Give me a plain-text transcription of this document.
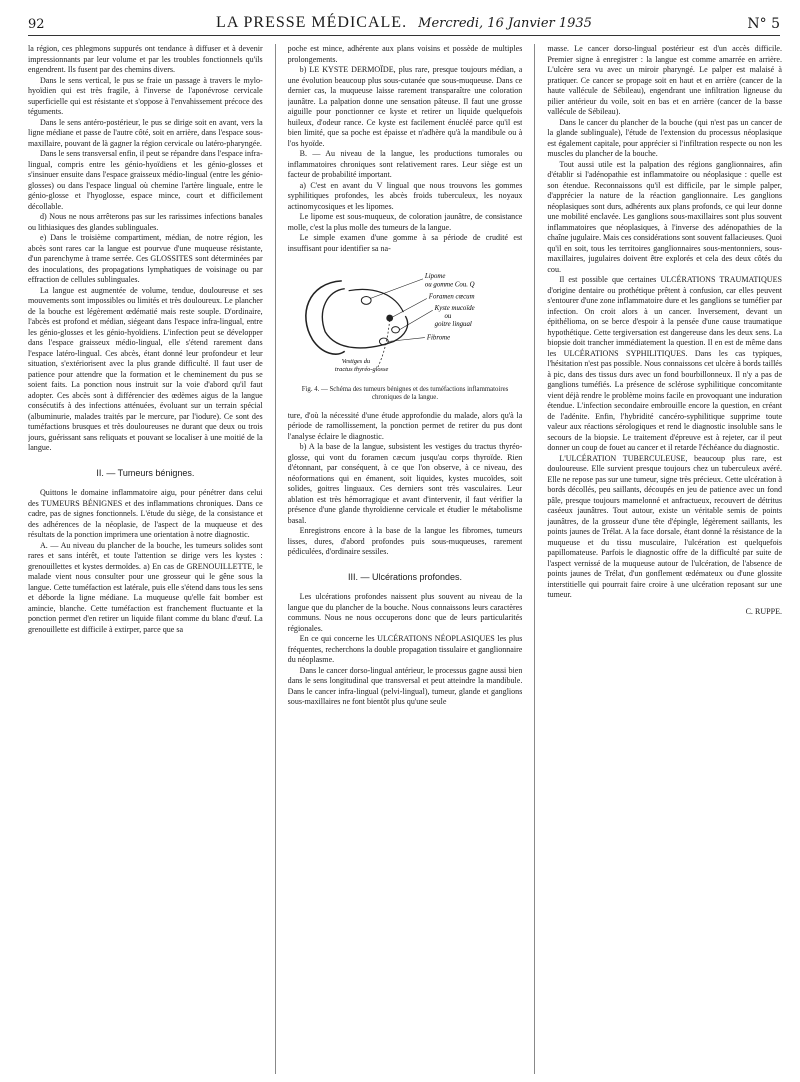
92	LA PRESSE MÉDICALE. Mercredi, 16 Janvier 1935	N° 5

la région, ces phlegmons suppurés ont tendance à diffuser et à devenir impressionnants par leur volume et par les troubles fonctionnels qu'ils engendrent. Ils fusent par des chemins divers.

Dans le sens vertical, le pus se fraie un passage à travers le mylo-hyoïdien qui est très fragile, à l'inverse de l'aponévrose cervicale superficielle qui est résistante et s'oppose à l'envahissement précoce des téguments.

Dans le sens antéro-postérieur, le pus se dirige soit en avant, vers la ligne médiane et passe de l'autre côté, soit en arrière, dans l'espace sous-maxillaire, pouvant de là gagner la région cervicale ou latéro-pharyngée.

Dans le sens transversal enfin, il peut se répandre dans l'espace infra-lingual, compris entre les génio-hyoïdiens et les génio-glosses et s'insinuer ensuite dans l'espace graisseux médio-lingual (entre les génio-glosses) ou dans l'espace lingual où chemine l'artère linguale, entre le génio-glosse et l'hyoglosse, espace mince, court et difficilement décollable.

d) Nous ne nous arrêterons pas sur les rarissimes infections banales ou lithiasiques des glandes sublinguales.

e) Dans le troisième compartiment, médian, de notre région, les abcès sont rares car la langue est pourvue d'une muqueuse résistante, d'un parenchyme à trame serrée. Ces GLOSSITES sont déterminées par des inoculations, des propagations lymphatiques de voisinage ou par effraction de cellules sublinguales.

La langue est augmentée de volume, tendue, douloureuse et ses mouvements sont impossibles ou limités et très douloureux. Le plancher de la bouche est légèrement œdématié mais reste souple. D'ordinaire, l'abcès est profond et médian, siégeant dans l'espace infra-lingual, entre les génio-glosses et les génio-hyoïdiens. L'infection peut se développer dans l'espace graisseux médio-lingual, elle s'étend rarement dans l'espace latéro-lingual. Ces abcès, étant donné leur profondeur et leur situation, s'extériorisent avec la plus grande difficulté. Il faut user de patience pour attendre que la formation et le cheminement du pus se soient faits. La ponction nous instruit sur la voie d'abord qu'il faut adopter. Ces abcès sont à différencier des œdèmes aigus de la langue consécutifs à des infections atténuées, évoluant sur un terrain spécial (albuminurie, malades traités par le mercure, par l'iodure). Ce sont des tuméfactions brusques et très douloureuses ne durant que deux ou trois jours, guérissant sans reliquats et pouvant se localiser à une moitié de la langue.

II. — Tumeurs bénignes.

Quittons le domaine inflammatoire aigu, pour pénétrer dans celui des TUMEURS BÉNIGNES et des inflammations chroniques. Dans ce cadre, pas de signes fonctionnels. L'étude du siège, de la consistance et des adhérences de la néoplasie, de l'aspect de la muqueuse et des résultats de la ponction imprimera une orientation à notre diagnostic.

A. — Au niveau du plancher de la bouche, les tumeurs solides sont rares et sans intérêt, et toute l'attention se dirige vers les kystes : grenouillettes et kystes dermoïdes. a) En cas de GRENOUILLETTE, le malade vient nous consulter pour une grosseur qui le gêne sous la langue. Cette tuméfaction est latérale, puis elle s'étend dans tous les sens et déborde la ligne médiane. La muqueuse qu'elle fait bomber est amincie, blanche. Cette tuméfaction est franchement fluctuante et la ponction permet d'en retirer un liquide filant comme du blanc d'œuf. La grenouillette est difficile à extirper, parce que sa

poche est mince, adhérente aux plans voisins et possède de multiples prolongements.

b) LE KYSTE DERMOÏDE, plus rare, presque toujours médian, a une évolution beaucoup plus sous-cutanée que sous-muqueuse. Dans ce dernier cas, la muqueuse laisse rarement transparaître une coloration jaunâtre. La palpation donne une sensation pâteuse. Il faut une grosse aiguille pour ponctionner ce kyste et retirer un liquide quelquefois huileux, d'odeur rance. Ce kyste est facilement énucléé parce qu'il est bien limité, que sa poche est épaisse et n'adhère qu'à la mandibule ou à l'os hyoïde.

B. — Au niveau de la langue, les productions tumorales ou inflammatoires chroniques sont relativement rares. Leur siège est un facteur de probabilité important.

a) C'est en avant du V lingual que nous trouvons les gommes syphilitiques profondes, les abcès froids tuberculeux, les noyaux actinomycosiques et les lipomes.

Le lipome est sous-muqueux, de coloration jaunâtre, de consistance molle, c'est la plus molle des tumeurs de la langue.

Le simple examen d'une gomme à sa période de crudité est insuffisant pour identifier sa na-

Lipome
ou gomme Cou. Q
Foramen cœcum
Kyste mucoïde
ou
goitre lingual
Fibrome
Vestiges du
tractus thyréo-glosse

Fig. 4. — Schéma des tumeurs bénignes et des tuméfactions inflammatoires chroniques de la langue.

ture, d'où la nécessité d'une étude approfondie du malade, alors qu'à la période de ramollissement, la ponction permet de retirer du pus dont l'analyse éclaire le diagnostic.

b) A la base de la langue, subsistent les vestiges du tractus thyréo-glosse, qui vont du foramen cæcum jusqu'au corps thyroïde. Rien d'étonnant, par conséquent, à ce que l'on observe, à ce niveau, des néoformations qui en émanent, soit liquides, kystes mucoïdes, soit solides, goitres linguaux. Ces derniers sont très vasculaires. Leur ablation est très hémorragique et avant d'intervenir, il faut vérifier la présence d'une glande thyroïdienne cervicale et étudier le métabolisme basal.

Enregistrons encore à la base de la langue les fibromes, tumeurs lisses, dures, d'abord profondes puis sous-muqueuses, rarement pédiculées, d'ordinaire sessiles.

III. — Ulcérations profondes.

Les ulcérations profondes naissent plus souvent au niveau de la langue que du plancher de la bouche. Nous connaissons leurs caractères communs. Nous ne nous occuperons donc que de leurs particularités régionales.

En ce qui concerne les ULCÉRATIONS NÉOPLASIQUES les plus fréquentes, recherchons la double propagation tissulaire et ganglionnaire du néoplasme.

Dans le cancer dorso-lingual antérieur, le processus gagne aussi bien dans le sens longitudinal que transversal et peut atteindre la mandibule. Dans le cancer infra-lingual (pelvi-lingual), tumeur, glande et ganglions sous-maxillaires ne font bientôt plus qu'une seule

masse. Le cancer dorso-lingual postérieur est d'un accès difficile. Premier signe à enregistrer : la langue est comme amarrée en arrière. L'ulcère sera vu avec un miroir pharyngé. Le palper est malaisé à pratiquer. Ce cancer se propage soit en haut et en arrière (cancer de la haute vallécule de Sébileau), engendrant une infiltration ligneuse du pilier antérieur du voile, soit en bas et en arrière (cancer de la basse vallécule de Sébileau).

Dans le cancer du plancher de la bouche (qui n'est pas un cancer de la glande sublinguale), l'étude de l'extension du processus néoplasique est également capitale, pour apprécier si l'infiltration respecte ou non les muscles du plancher de la bouche.

Tout aussi utile est la palpation des régions ganglionnaires, afin d'établir si l'adénopathie est inflammatoire ou néoplasique : quelle est son étendue. Reconnaissons qu'il est difficile, par le simple palper, d'apprécier la nature de la réaction ganglionnaire. Les ganglions néoplasiques sont durs, adhérents aux plans profonds, ce qui leur donne une mobilité enclavée. Les ganglions sous-maxillaires sont plus souvent inflammatoires que néoplasiques, à l'inverse des adénopathies de la chaîne jugulaire. Mais ces considérations sont souvent fallacieuses. Quoi qu'il en soit, tous les territoires ganglionnaires sous-mentonniers, sous-maxillaires, jugulaires doivent être explorés et cela des deux côtés du cou.

Il est possible que certaines ULCÉRATIONS TRAUMATIQUES d'origine dentaire ou prothétique prêtent à confusion, car elles peuvent s'entourer d'une zone inflammatoire dure et les ganglions se tuméfier par infection. On croit alors à un cancer. Inversement, devant un épithélioma, on se berce d'espoir à la pensée d'une cause traumatique hypothétique. Cette tergiversation est dangereuse dans les deux sens. La biopsie doit trancher immédiatement la question. Il en est de même dans les ULCÉRATIONS SYPHILITIQUES. Dans les cas typiques, l'hésitation n'est pas possible. Nous connaissons cet ulcère à bords taillés à pic, dans des tissus durs avec un fond bourbillonneux. Il n'y a pas de ganglions tuméfiés. La présence de sclérose syphilitique concomitante vient déjà rendre le problème moins facile en provoquant une induration étendue. L'infection secondaire embrouille encore la question, en créant de l'adénite. Enfin, l'hybridité cancéro-syphilitique supprime toute valeur aux réactions sérologiques et rend le diagnostic insoluble sans le secours de la biopsie. Le traitement d'épreuve est à rejeter, car il peut donner un coup de fouet au cancer et il retarde l'échéance du diagnostic.

L'ULCÉRATION TUBERCULEUSE, beaucoup plus rare, est douloureuse. Elle survient presque toujours chez un tuberculeux avéré. Elle ne repose pas sur une tumeur, signe très précieux. Cette ulcération à bords décollés, peu saillants, découpés en jeu de patience avec un fond pâle, presque toujours mamelonné et anfractueux, recouvert de détritus caséeux jaunâtres. Tout autour, existe un véritable semis de points jaunâtres, de la grosseur d'une tête d'épingle, légèrement saillants, les points jaunes de Trélat. A la face dorsale, étant donné la résistance de la muqueuse et du tissu musculaire, l'ulcération est quelquefois papillomateuse. Parfois le diagnostic offre de la difficulté par suite de l'aspect vernissé de la muqueuse autour de l'ulcération, de l'absence de points jaunes de Trélat, d'un gonflement œdémateux ou d'une glossite interstitielle qui pourrait faire croire à une ulcération reposant sur une tumeur.

C. RUPPE.
